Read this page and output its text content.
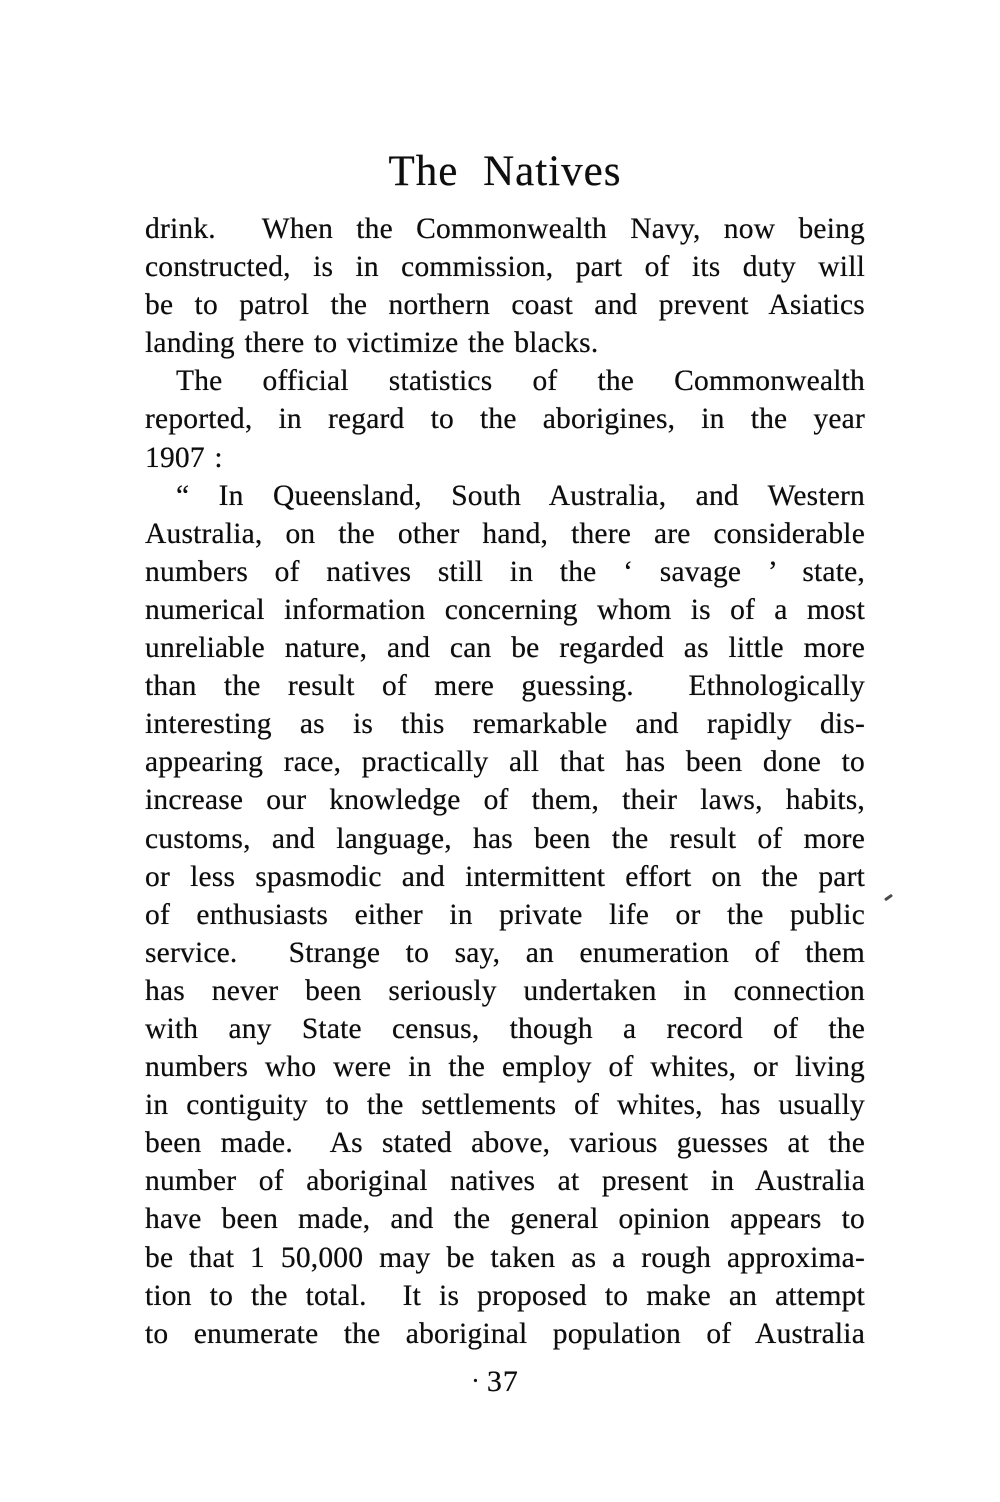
The Natives
drink.  When the Commonwealth Navy, now being
constructed, is in commission, part of its duty will
be to patrol the northern coast and prevent Asiatics
landing there to victimize the blacks.
The official statistics of the Commonwealth
reported, in regard to the aborigines, in the year
1907 :
“ In Queensland, South Australia, and Western
Australia, on the other hand, there are considerable
numbers of natives still in the ‘ savage ’ state,
numerical information concerning whom is of a most
unreliable nature, and can be regarded as little more
than the result of mere guessing.  Ethnologically
interesting as is this remarkable and rapidly dis-
appearing race, practically all that has been done to
increase our knowledge of them, their laws, habits,
customs, and language, has been the result of more
or less spasmodic and intermittent effort on the part
of enthusiasts either in private life or the public
service.  Strange to say, an enumeration of them
has never been seriously undertaken in connection
with any State census, though a record of the
numbers who were in the employ of whites, or living
in contiguity to the settlements of whites, has usually
been made.  As stated above, various guesses at the
number of aboriginal natives at present in Australia
have been made, and the general opinion appears to
be that 1 50,000 may be taken as a rough approxima-
tion to the total.  It is proposed to make an attempt
to enumerate the aboriginal population of Australia
· 37
